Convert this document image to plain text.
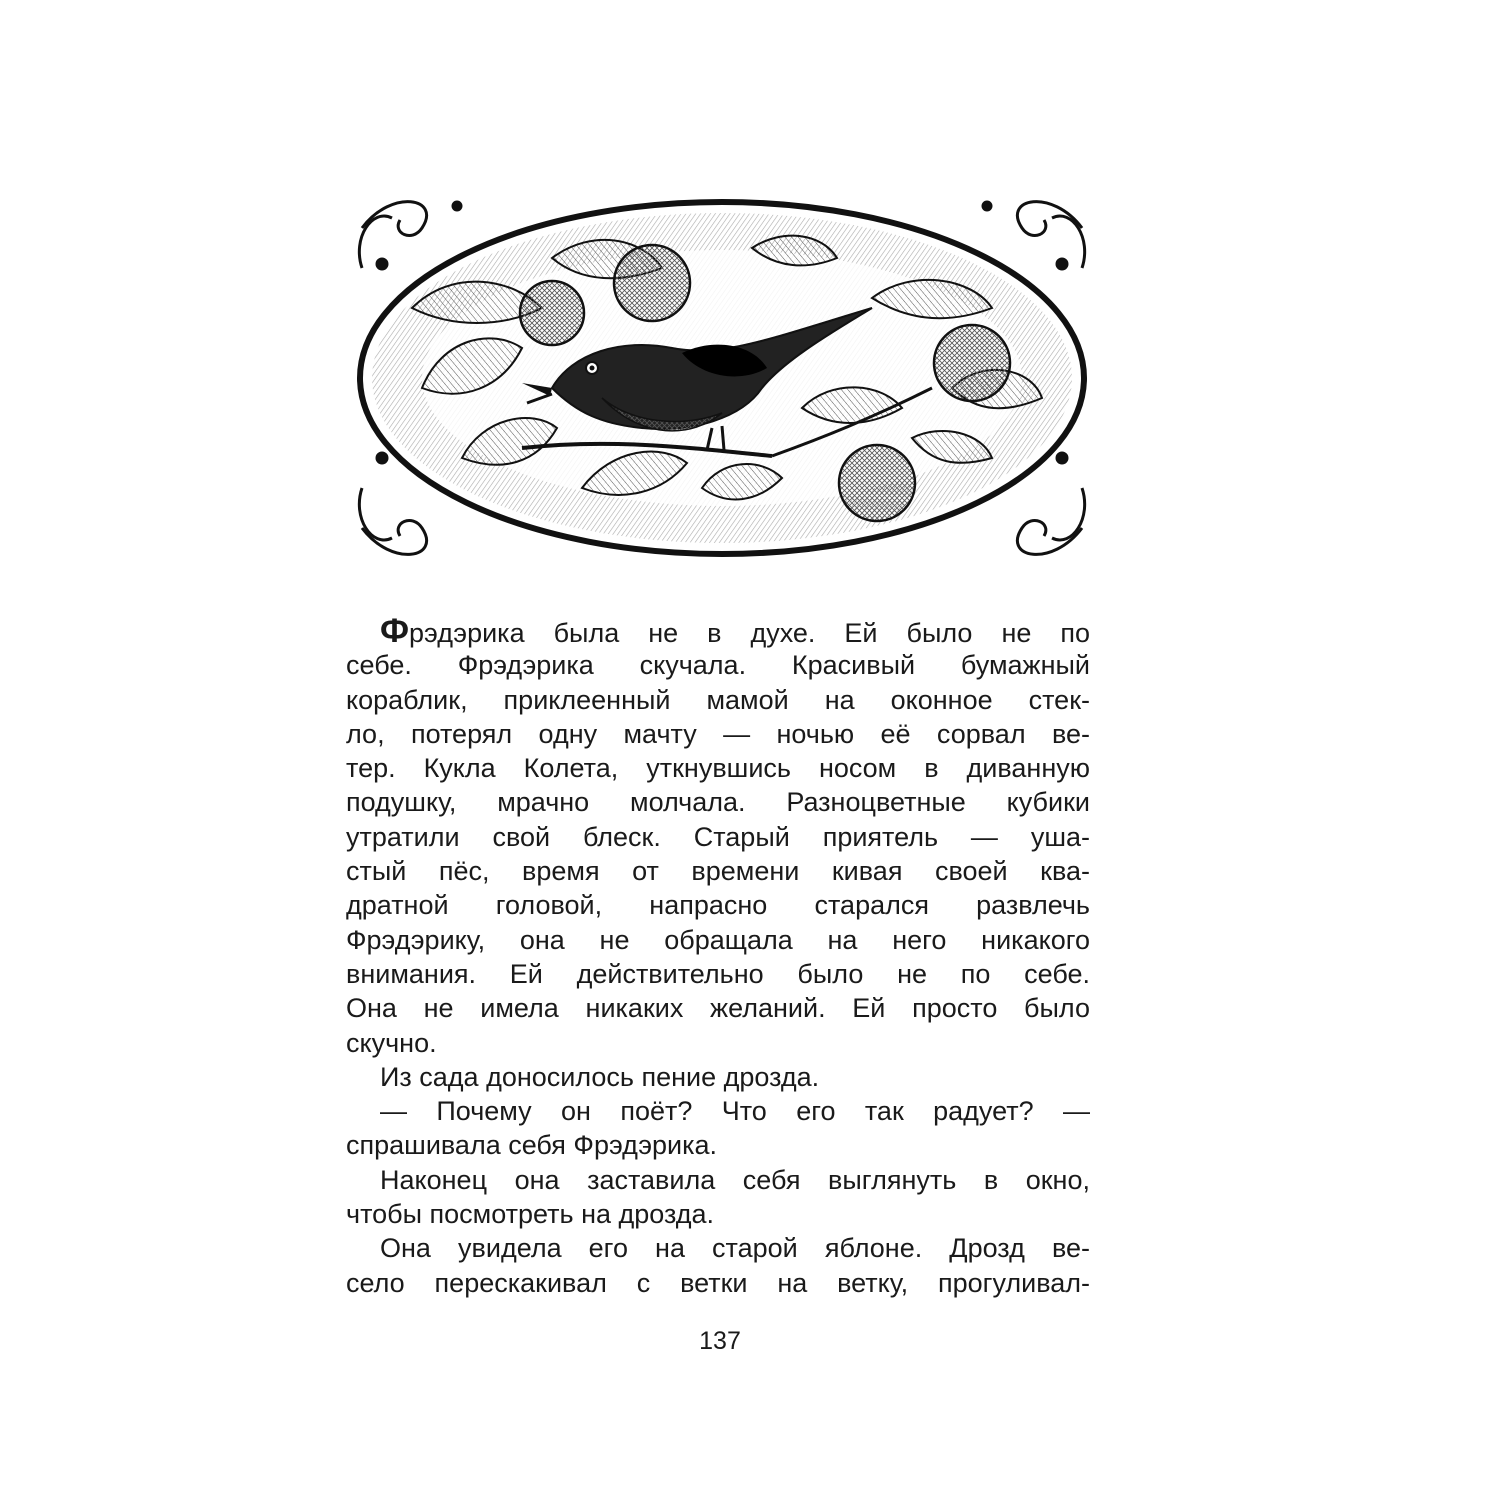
Фрэдэрика была не в духе. Ей было не по
себе. Фрэдэрика скучала. Красивый бумажный
кораблик, приклеенный мамой на оконное стек-
ло, потерял одну мачту — ночью её сорвал ве-
тер. Кукла Колета, уткнувшись носом в диванную
подушку, мрачно молчала. Разноцветные кубики
утратили свой блеск. Старый приятель — уша-
стый пёс, время от времени кивая своей ква-
дратной головой, напрасно старался развлечь
Фрэдэрику, она не обращала на него никакого
внимания. Ей действительно было не по себе.
Она не имела никаких желаний. Ей просто было
скучно.
Из сада доносилось пение дрозда.
— Почему он поёт? Что его так радует? —
спрашивала себя Фрэдэрика.
Наконец она заставила себя выглянуть в окно,
чтобы посмотреть на дрозда.
Она увидела его на старой яблоне. Дрозд ве-
село перескакивал с ветки на ветку, прогуливал-
137
